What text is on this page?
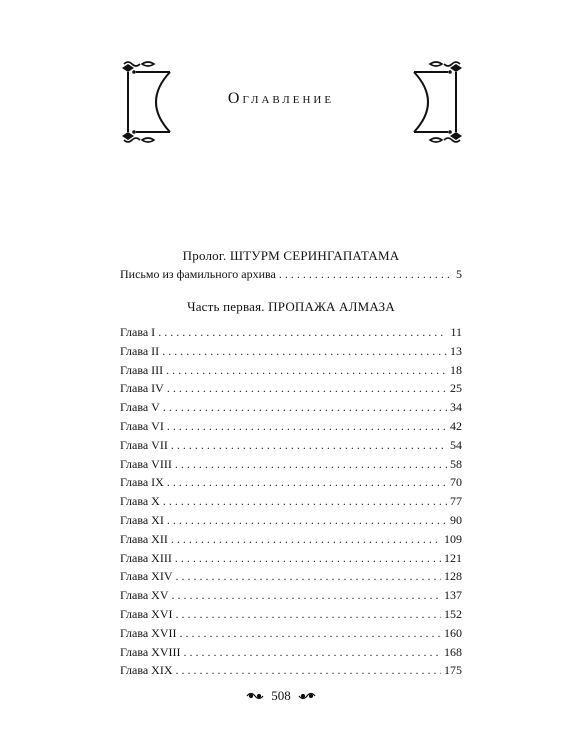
Оглавление
Пролог. ШТУРМ СЕРИНГАПАТАМА
Письмо из фамильного архива . . .	5
Часть первая. ПРОПАЖА АЛМАЗА
Глава I . . .	11
Глава II . . .	13
Глава III . . .	18
Глава IV . . .	25
Глава V . . .	34
Глава VI . . .	42
Глава VII . . .	54
Глава VIII . . .	58
Глава IX . . .	70
Глава X . . .	77
Глава XI . . .	90
Глава XII . . .	109
Глава XIII . . .	121
Глава XIV . . .	128
Глава XV . . .	137
Глава XVI . . .	152
Глава XVII . . .	160
Глава XVIII . . .	168
Глава XIX . . .	175
508
